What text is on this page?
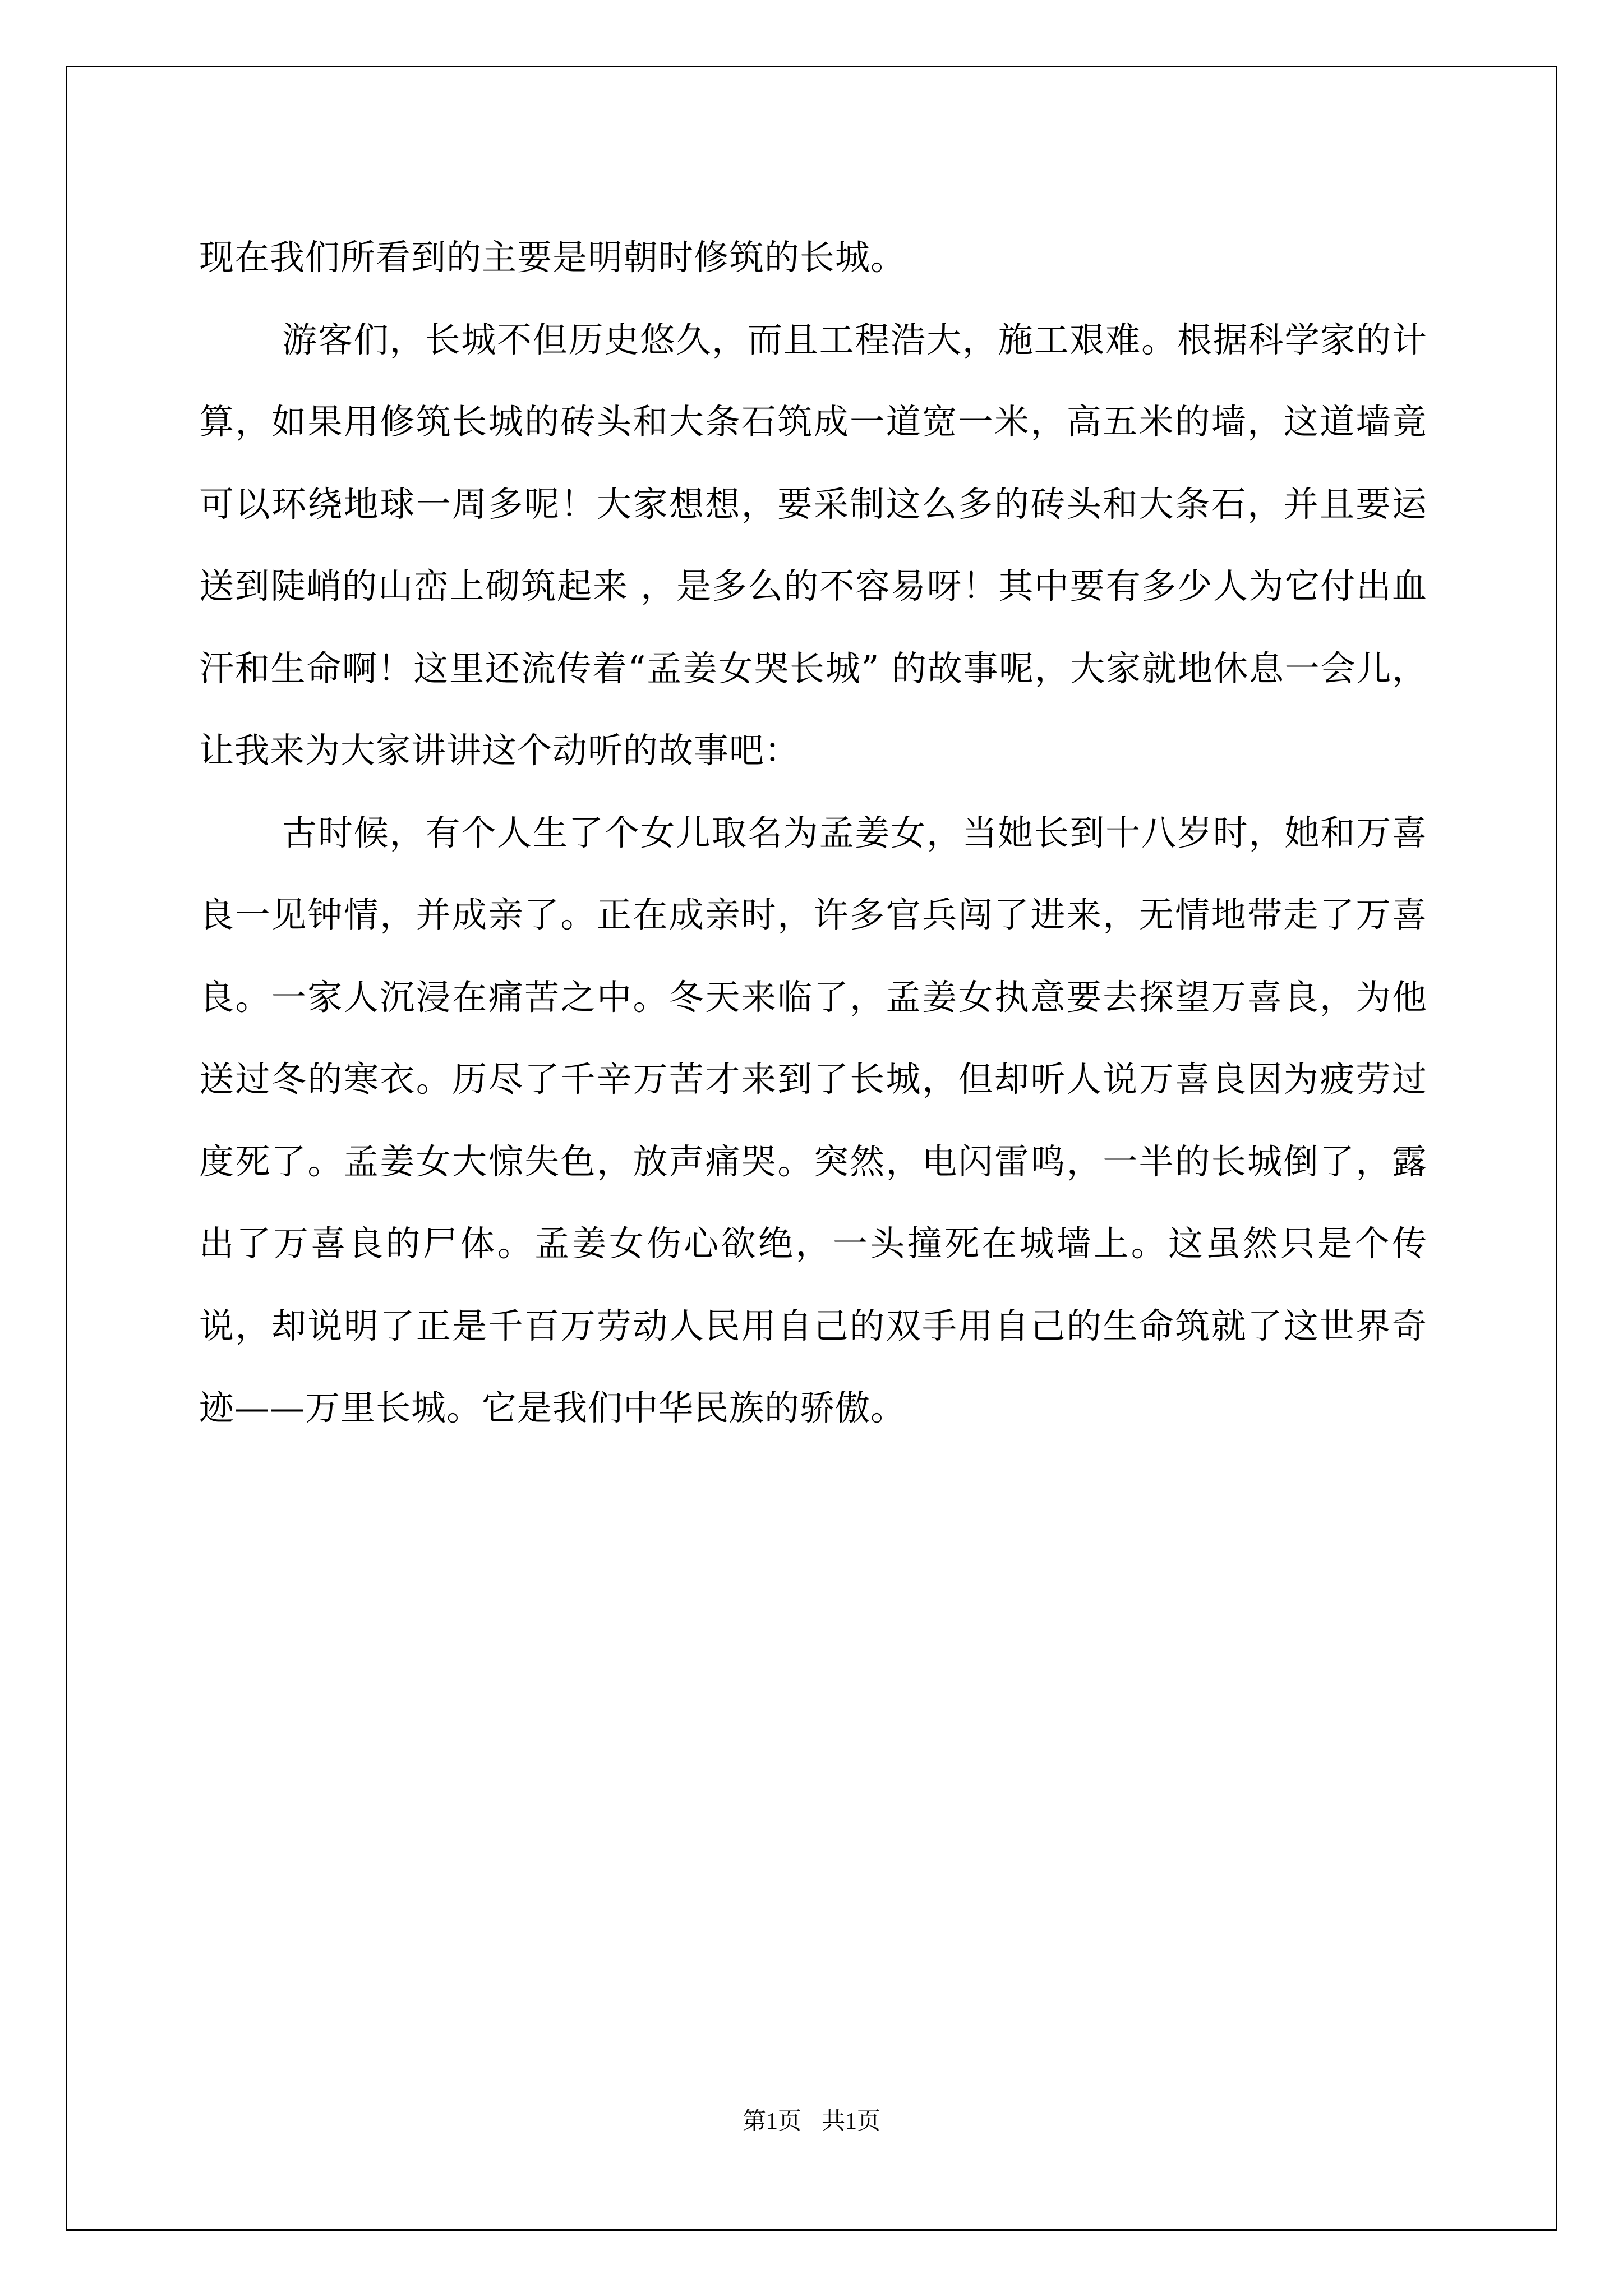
现在我们所看到的主要是明朝时修筑的长城。

游客们，长城不但历史悠久，而且工程浩大，施工艰难。根据科学家的计算，如果用修筑长城的砖头和大条石筑成一道宽一米，高五米的墙，这道墙竟可以环绕地球一周多呢！大家想想，要采制这么多的砖头和大条石，并且要运送到陡峭的山峦上砌筑起来 ，是多么的不容易呀！其中要有多少人为它付出血汗和生命啊！这里还流传着“孟姜女哭长城” 的故事呢，大家就地休息一会儿，让我来为大家讲讲这个动听的故事吧：

古时候，有个人生了个女儿取名为孟姜女，当她长到十八岁时，她和万喜良一见钟情，并成亲了。正在成亲时，许多官兵闯了进来，无情地带走了万喜良。一家人沉浸在痛苦之中。冬天来临了，孟姜女执意要去探望万喜良，为他送过冬的寒衣。历尽了千辛万苦才来到了长城，但却听人说万喜良因为疲劳过度死了。孟姜女大惊失色，放声痛哭。突然，电闪雷鸣，一半的长城倒了，露出了万喜良的尸体。孟姜女伤心欲绝，一头撞死在城墙上。这虽然只是个传说，却说明了正是千百万劳动人民用自己的双手用自己的生命筑就了这世界奇迹——万里长城。它是我们中华民族的骄傲。

第1页 共1页
